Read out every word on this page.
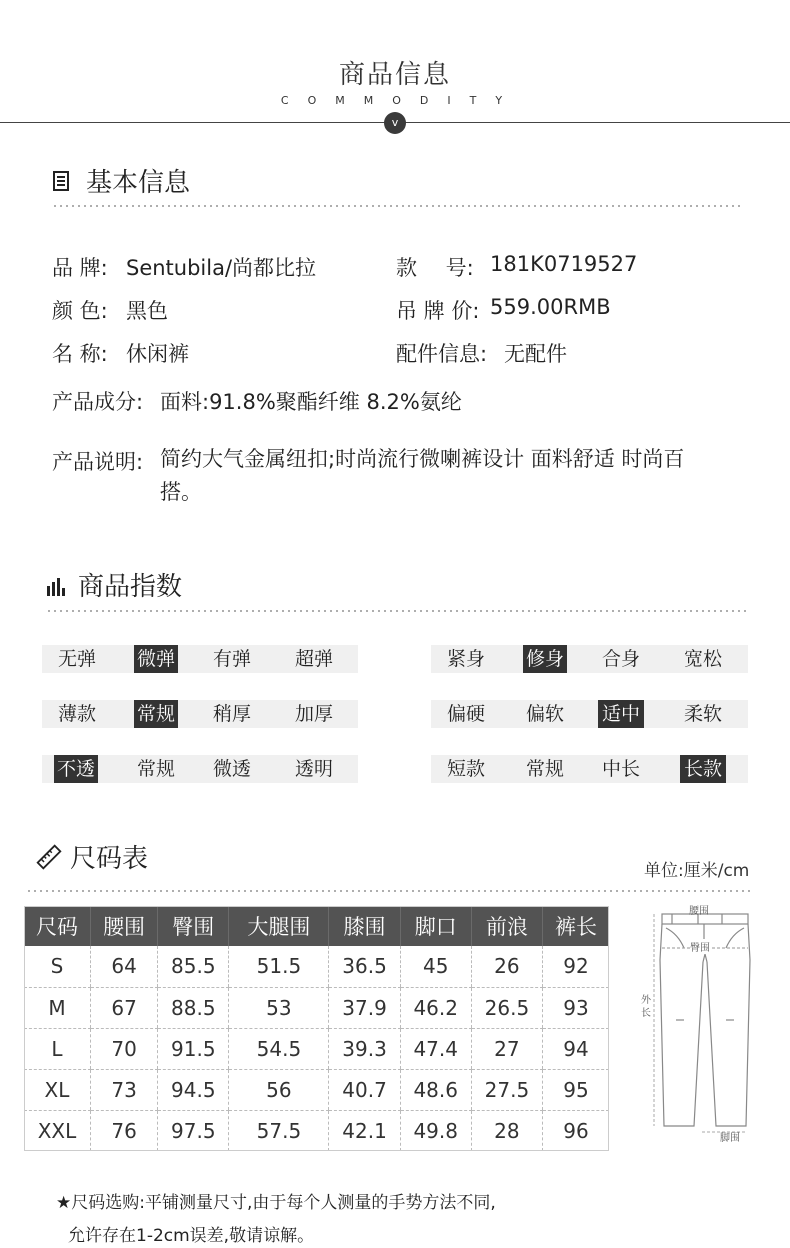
商品信息
COMMODITY
v
基本信息
品 牌: Sentubila/尚都比拉	款 号: 181K0719527
颜 色: 黑色	吊 牌 价: 559.00RMB
名 称: 休闲裤	配件信息: 无配件
产品成分: 面料:91.8%聚酯纤维 8.2%氨纶
产品说明: 简约大气金属纽扣;时尚流行微喇裤设计 面料舒适 时尚百搭。
商品指数
无弹 微弹 有弹 超弹
薄款 常规 稍厚 加厚
不透 常规 微透 透明
紧身 修身 合身 宽松
偏硬 偏软 适中 柔软
短款 常规 中长 长款
尺码表	单位:厘米/cm
尺码	腰围	臀围	大腿围	膝围	脚口	前浪	裤长
S	64	85.5	51.5	36.5	45	26	92
M	67	88.5	53	37.9	46.2	26.5	93
L	70	91.5	54.5	39.3	47.4	27	94
XL	73	94.5	56	40.7	48.6	27.5	95
XXL	76	97.5	57.5	42.1	49.8	28	96
腰围
臀围
外长
脚围
★尺码选购:平铺测量尺寸,由于每个人测量的手势方法不同,
允许存在1-2cm误差,敬请谅解。
